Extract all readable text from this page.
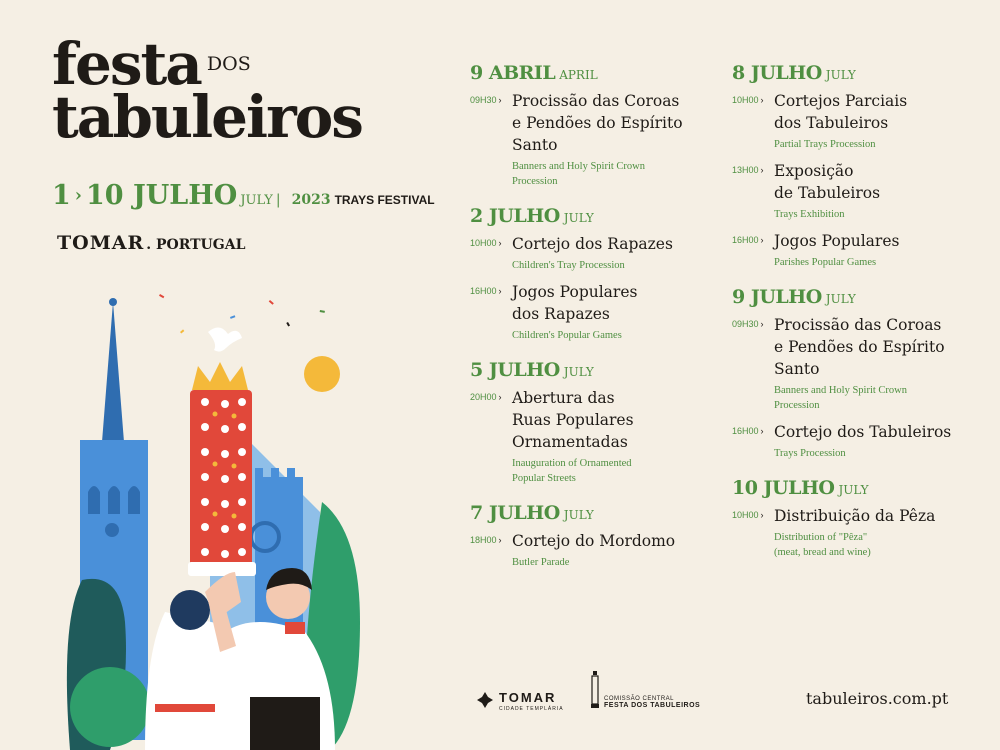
festa DOS
tabuleiros
1 › 10 JULHO JULY | 2023 TRAYS FESTIVAL
TOMAR . PORTUGAL
9 ABRIL APRIL
09H30 › Procissão das Coroas
e Pendões do Espírito
Santo
Banners and Holy Spirit Crown
Procession
2 JULHO JULY
10H00 › Cortejo dos Rapazes
Children's Tray Procession
16H00 › Jogos Populares
dos Rapazes
Children's Popular Games
5 JULHO JULY
20H00 › Abertura das
Ruas Populares
Ornamentadas
Inauguration of Ornamented
Popular Streets
7 JULHO JULY
18H00 › Cortejo do Mordomo
Butler Parade
8 JULHO JULY
10H00 › Cortejos Parciais
dos Tabuleiros
Partial Trays Procession
13H00 › Exposição
de Tabuleiros
Trays Exhibition
16H00 › Jogos Populares
Parishes Popular Games
9 JULHO JULY
09H30 › Procissão das Coroas
e Pendões do Espírito
Santo
Banners and Holy Spirit Crown
Procession
16H00 › Cortejo dos Tabuleiros
Trays Procession
10 JULHO JULY
10H00 › Distribuição da Pêza
Distribution of "Pêza"
(meat, bread and wine)
TOMAR
CIDADE TEMPLÁRIA
COMISSÃO CENTRAL
FESTA DOS TABULEIROS	tabuleiros.com.pt
